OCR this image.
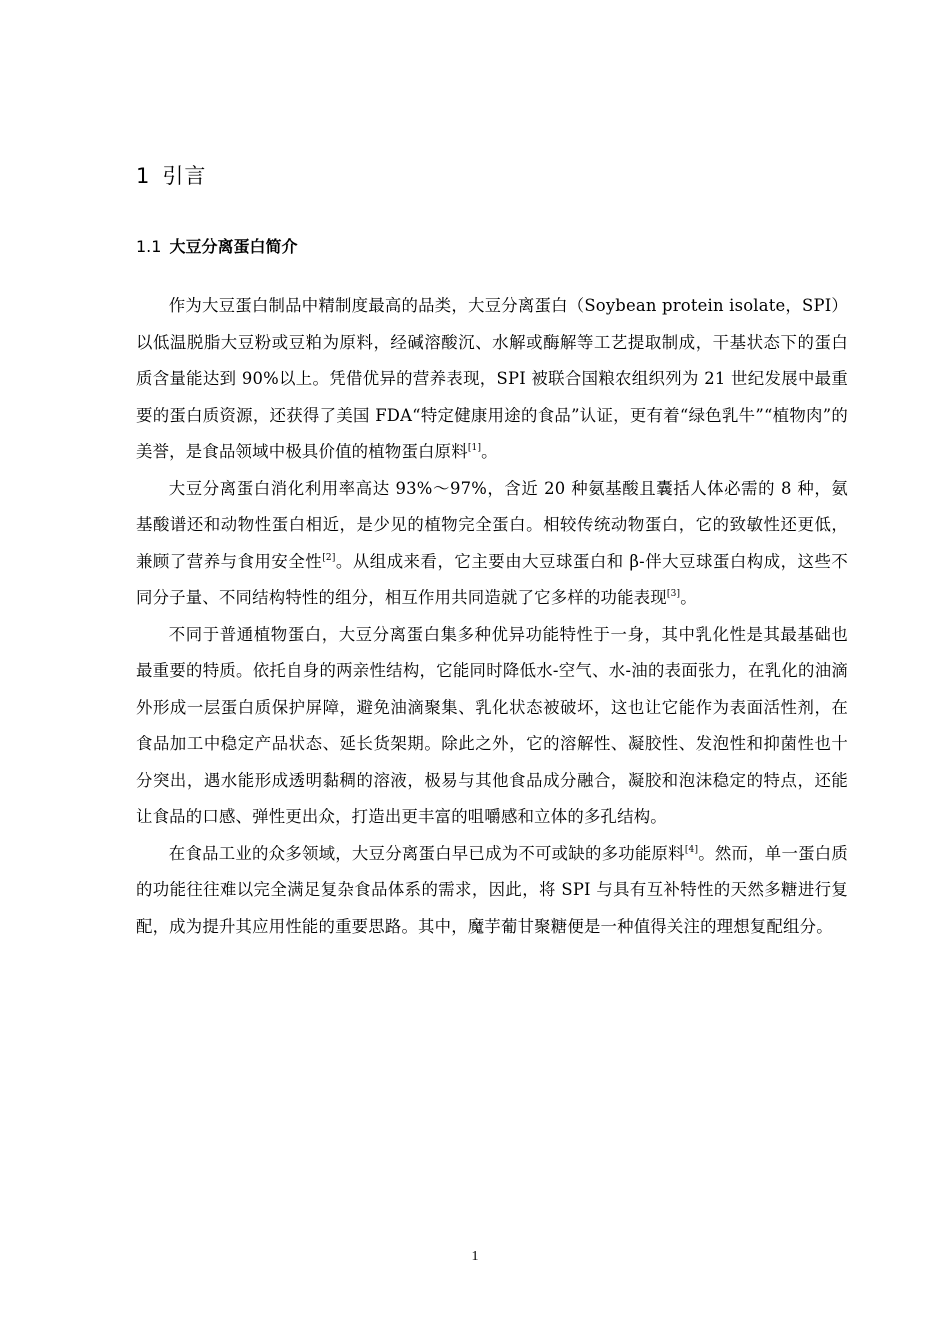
1 引言
1.1 大豆分离蛋白简介

作为大豆蛋白制品中精制度最高的品类，大豆分离蛋白（Soybean protein isolate，SPI）以低温脱脂大豆粉或豆粕为原料，经碱溶酸沉、水解或酶解等工艺提取制成，干基状态下的蛋白质含量能达到 90%以上。凭借优异的营养表现，SPI 被联合国粮农组织列为 21 世纪发展中最重要的蛋白质资源，还获得了美国 FDA“特定健康用途的食品”认证，更有着“绿色乳牛”“植物肉”的美誉，是食品领域中极具价值的植物蛋白原料[1]。

大豆分离蛋白消化利用率高达 93%～97%，含近 20 种氨基酸且囊括人体必需的 8 种，氨基酸谱还和动物性蛋白相近，是少见的植物完全蛋白。相较传统动物蛋白，它的致敏性还更低，兼顾了营养与食用安全性[2]。从组成来看，它主要由大豆球蛋白和 β-伴大豆球蛋白构成，这些不同分子量、不同结构特性的组分，相互作用共同造就了它多样的功能表现[3]。

不同于普通植物蛋白，大豆分离蛋白集多种优异功能特性于一身，其中乳化性是其最基础也最重要的特质。依托自身的两亲性结构，它能同时降低水-空气、水-油的表面张力，在乳化的油滴外形成一层蛋白质保护屏障，避免油滴聚集、乳化状态被破坏，这也让它能作为表面活性剂，在食品加工中稳定产品状态、延长货架期。除此之外，它的溶解性、凝胶性、发泡性和抑菌性也十分突出，遇水能形成透明黏稠的溶液，极易与其他食品成分融合，凝胶和泡沫稳定的特点，还能让食品的口感、弹性更出众，打造出更丰富的咀嚼感和立体的多孔结构。

在食品工业的众多领域，大豆分离蛋白早已成为不可或缺的多功能原料[4]。然而，单一蛋白质的功能往往难以完全满足复杂食品体系的需求，因此，将 SPI 与具有互补特性的天然多糖进行复配，成为提升其应用性能的重要思路。其中，魔芋葡甘聚糖便是一种值得关注的理想复配组分。

1
